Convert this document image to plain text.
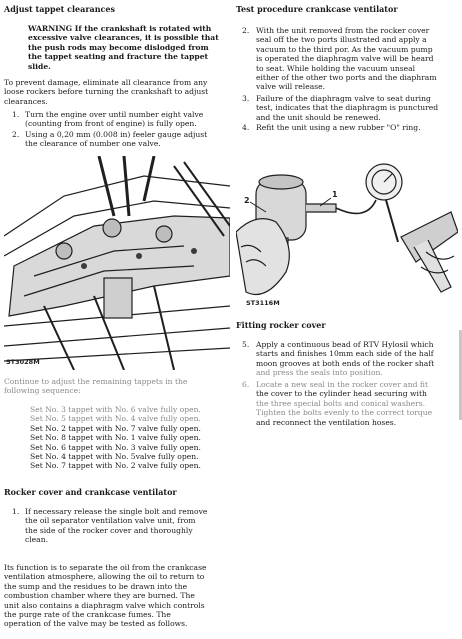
Adjust tappet clearances

WARNING If the crankshaft is rotated with

excessive valve clearances, it is possible that

the push rods may become dislodged from

the tappet seating and fracture the tappet

slide.

To prevent damage, eliminate all clearance from any

loose rockers before turning the crankshaft to adjust

clearances.

1. Turn the engine over until number eight valve

(counting from front of engine) is fully open.

2. Using a 0,20 mm (0.008 in) feeler gauge adjust

the clearance of number one valve.

ST3028M

Continue to adjust the remaining tappets in the

following sequence:

Set No. 3 tappet with No. 6 valve fully open.

Set No. 5 tappet with No. 4 valve fully open.

Set No. 2 tappet with No. 7 valve fully open.

Set No. 8 tappet with No. 1 valve fully open.

Set No. 6 tappet with No. 3 valve fully open.

Set No. 4 tappet with No. 5valve fully open.

Set No. 7 tappet with No. 2 valve fully open.

Rocker cover and crankcase ventilator

1. If necessary release the single bolt and remove

the oil separator ventilation valve unit, from

the side of the rocker cover and thoroughly

clean.

Its function is to separate the oil from the crankcase

ventilation atmosphere, allowing the oil to return to

the sump and the residues to be drawn into the

combustion chamber where they are burned. The

unit also contains a diaphragm valve which controls

the purge rate of the crankcase fumes. The

operation of the valve may be tested as follows.

Test procedure crankcase ventilator

2. With the unit removed from the rocker cover

seal off the two ports illustrated and apply a

vacuum to the third por. As the vacuum pump

is operated the diaphragm valve will be heard

to seat. While holding the vacuum unseal

either of the other two ports and the diaphram

valve will release.

3. Failure of the diaphragm valve to seat during

test, indicates that the diaphragm is punctured

and the unit should be renewed.

4. Refit the unit using a new rubber "O" ring.

2
1
ST3116M

Fitting rocker cover

5. Apply a continuous bead of RTV Hylosil which

starts and finishes 10mm each side of the half

moon grooves at both ends of the rocker shaft

and press the seals into position.

6. Locate a new seal in the rocker cover and fit

the cover to the cylinder head securing with

the three special bolts and conical washers.

Tighten the bolts evenly to the correct torque

and reconnect the ventilation hoses.
